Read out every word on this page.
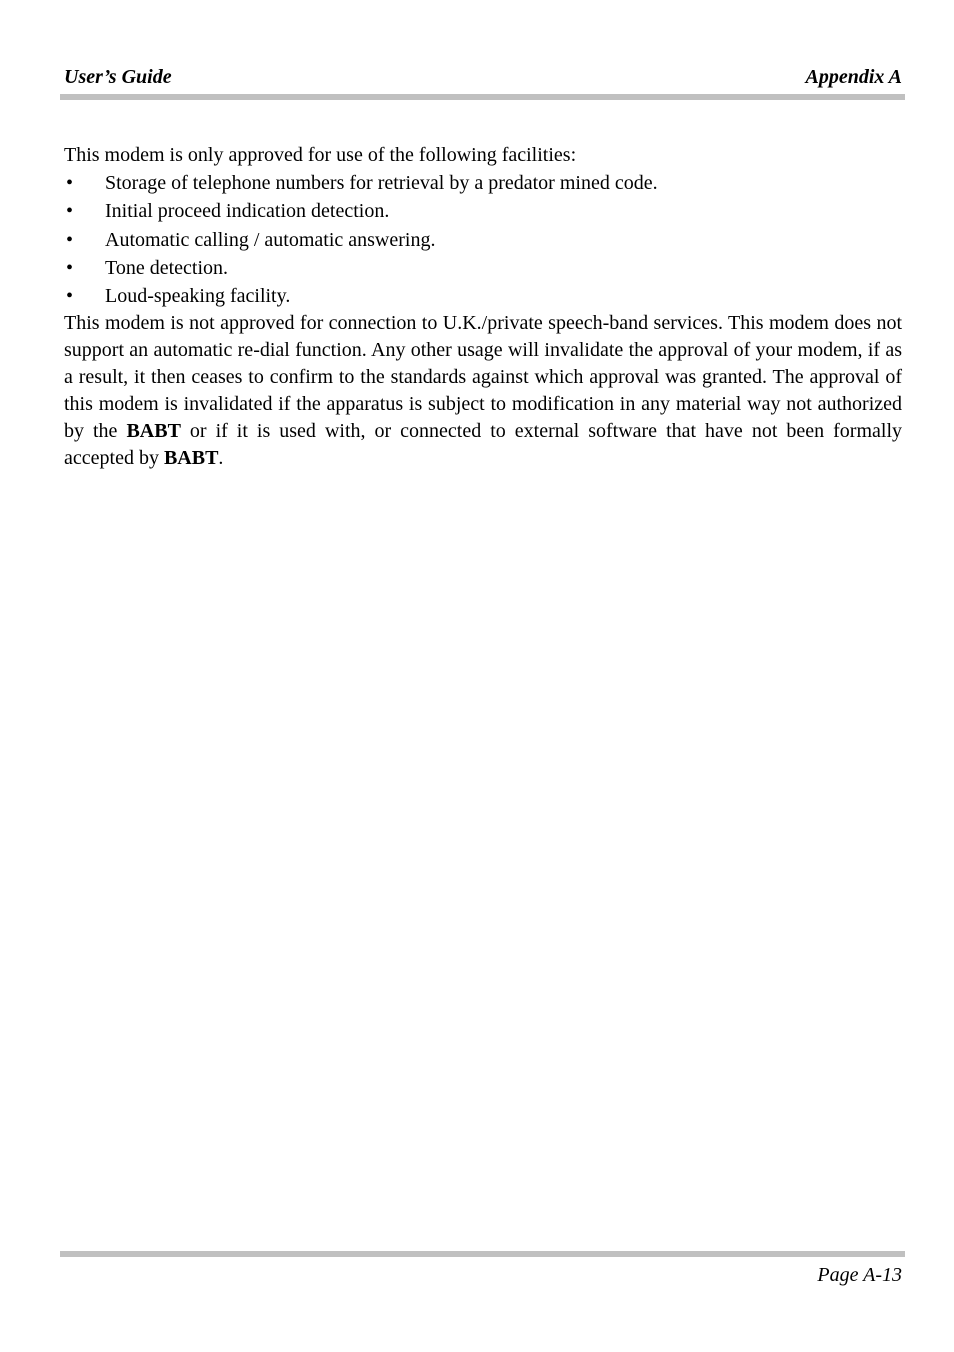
User’s Guide	Appendix A

This modem is only approved for use of the following facilities:

• Storage of telephone numbers for retrieval by a predator mined code.
• Initial proceed indication detection.
• Automatic calling / automatic answering.
• Tone detection.
• Loud-speaking facility.

This modem is not approved for connection to U.K./private speech-band services. This modem does not support an automatic re-dial function. Any other usage will invalidate the approval of your modem, if as a result, it then ceases to confirm to the standards against which approval was granted. The approval of this modem is invalidated if the apparatus is subject to modification in any material way not authorized by the BABT or if it is used with, or connected to external software that have not been formally accepted by BABT.

Page A-13
